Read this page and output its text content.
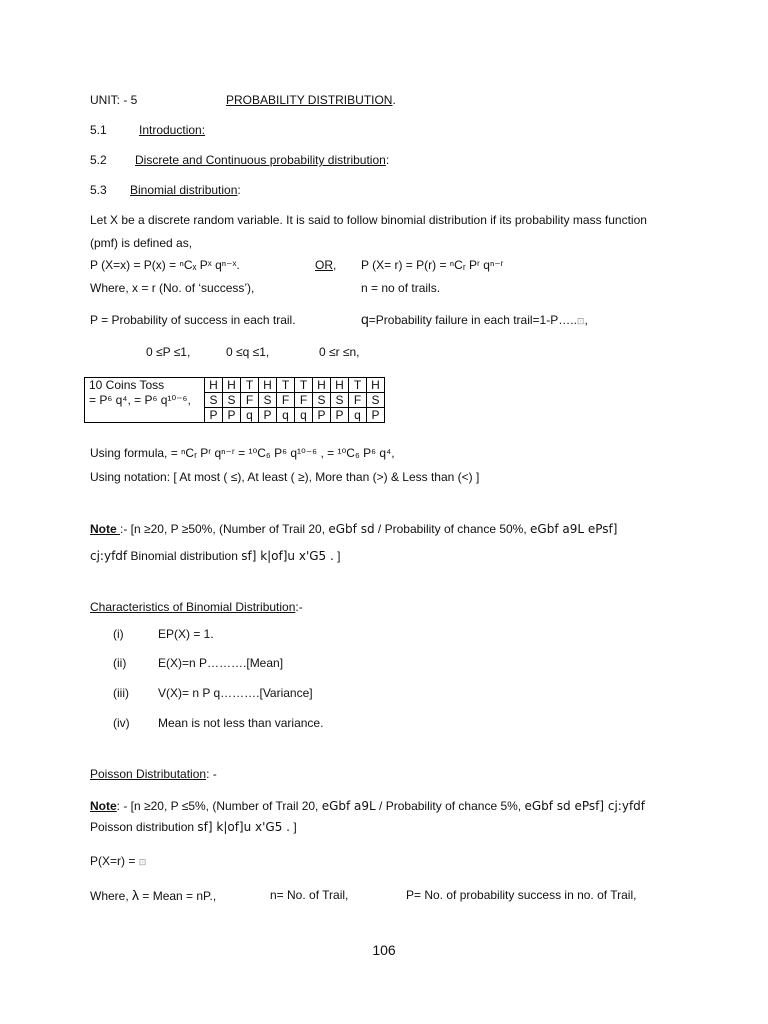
UNIT: - 5	PROBABILITY DISTRIBUTION.
5.1	Introduction:
5.2 Discrete and Continuous probability distribution:
5.3 Binomial distribution:
Let X be a discrete random variable. It is said to follow binomial distribution if its probability mass function
(pmf) is defined as,
P (X=x) = P(x) = ⁿCₓ Pˣ qⁿ⁻ˣ.	OR, P (X= r) = P(r) = ⁿCᵣ Pʳ qⁿ⁻ʳ
Where, x = r (No. of ‘success’),	n = no of trails.
P = Probability of success in each trail.	q=Probability failure in each trail=1-P…..⊡,
0 ≤P ≤1,	0 ≤q ≤1,	0 ≤r ≤n,
10 Coins Toss	H	H	T	H	T	T	H	H	T	H
= P⁶ q⁴, = P⁶ q¹⁰⁻⁶,	S	S	F	S	F	F	S	S	F	S
	P	P	q	P	q	q	P	P	q	P
Using formula, = ⁿCᵣ Pʳ qⁿ⁻ʳ = ¹⁰C₆ P⁶ q¹⁰⁻⁶ , = ¹⁰C₆ P⁶ q⁴,
Using notation: [ At most ( ≤), At least ( ≥), More than (>) & Less than (<) ]
Note :- [n ≥20, P ≥50%, (Number of Trail 20, eGbf sd / Probability of chance 50%, eGbf a9L ePsf]
cj:yfdf Binomial distribution sf] k|of]u x'G5 . ]
Characteristics of Binomial Distribution:-
(i)	EP(X) = 1.
(ii)	E(X)=n P……….[Mean]
(iii) V(X)= n P q……….[Variance]
(iv) Mean is not less than variance.
Poisson Distributation: -
Note: - [n ≥20, P ≤5%, (Number of Trail 20, eGbf a9L / Probability of chance 5%, eGbf sd ePsf] cj:yfdf
Poisson distribution sf] k|of]u x'G5 . ]
P(X=r) = ⊡
Where, λ = Mean = nP.,	n= No. of Trail,	P= No. of probability success in no. of Trail,
106
